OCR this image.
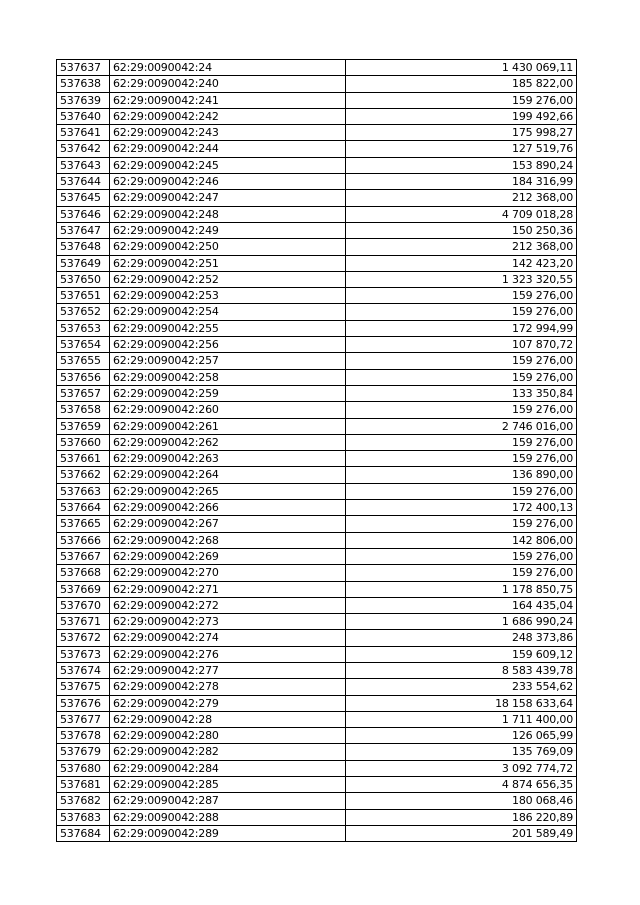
537637	62:29:0090042:24	1 430 069,11
537638	62:29:0090042:240	185 822,00
537639	62:29:0090042:241	159 276,00
537640	62:29:0090042:242	199 492,66
537641	62:29:0090042:243	175 998,27
537642	62:29:0090042:244	127 519,76
537643	62:29:0090042:245	153 890,24
537644	62:29:0090042:246	184 316,99
537645	62:29:0090042:247	212 368,00
537646	62:29:0090042:248	4 709 018,28
537647	62:29:0090042:249	150 250,36
537648	62:29:0090042:250	212 368,00
537649	62:29:0090042:251	142 423,20
537650	62:29:0090042:252	1 323 320,55
537651	62:29:0090042:253	159 276,00
537652	62:29:0090042:254	159 276,00
537653	62:29:0090042:255	172 994,99
537654	62:29:0090042:256	107 870,72
537655	62:29:0090042:257	159 276,00
537656	62:29:0090042:258	159 276,00
537657	62:29:0090042:259	133 350,84
537658	62:29:0090042:260	159 276,00
537659	62:29:0090042:261	2 746 016,00
537660	62:29:0090042:262	159 276,00
537661	62:29:0090042:263	159 276,00
537662	62:29:0090042:264	136 890,00
537663	62:29:0090042:265	159 276,00
537664	62:29:0090042:266	172 400,13
537665	62:29:0090042:267	159 276,00
537666	62:29:0090042:268	142 806,00
537667	62:29:0090042:269	159 276,00
537668	62:29:0090042:270	159 276,00
537669	62:29:0090042:271	1 178 850,75
537670	62:29:0090042:272	164 435,04
537671	62:29:0090042:273	1 686 990,24
537672	62:29:0090042:274	248 373,86
537673	62:29:0090042:276	159 609,12
537674	62:29:0090042:277	8 583 439,78
537675	62:29:0090042:278	233 554,62
537676	62:29:0090042:279	18 158 633,64
537677	62:29:0090042:28	1 711 400,00
537678	62:29:0090042:280	126 065,99
537679	62:29:0090042:282	135 769,09
537680	62:29:0090042:284	3 092 774,72
537681	62:29:0090042:285	4 874 656,35
537682	62:29:0090042:287	180 068,46
537683	62:29:0090042:288	186 220,89
537684	62:29:0090042:289	201 589,49
